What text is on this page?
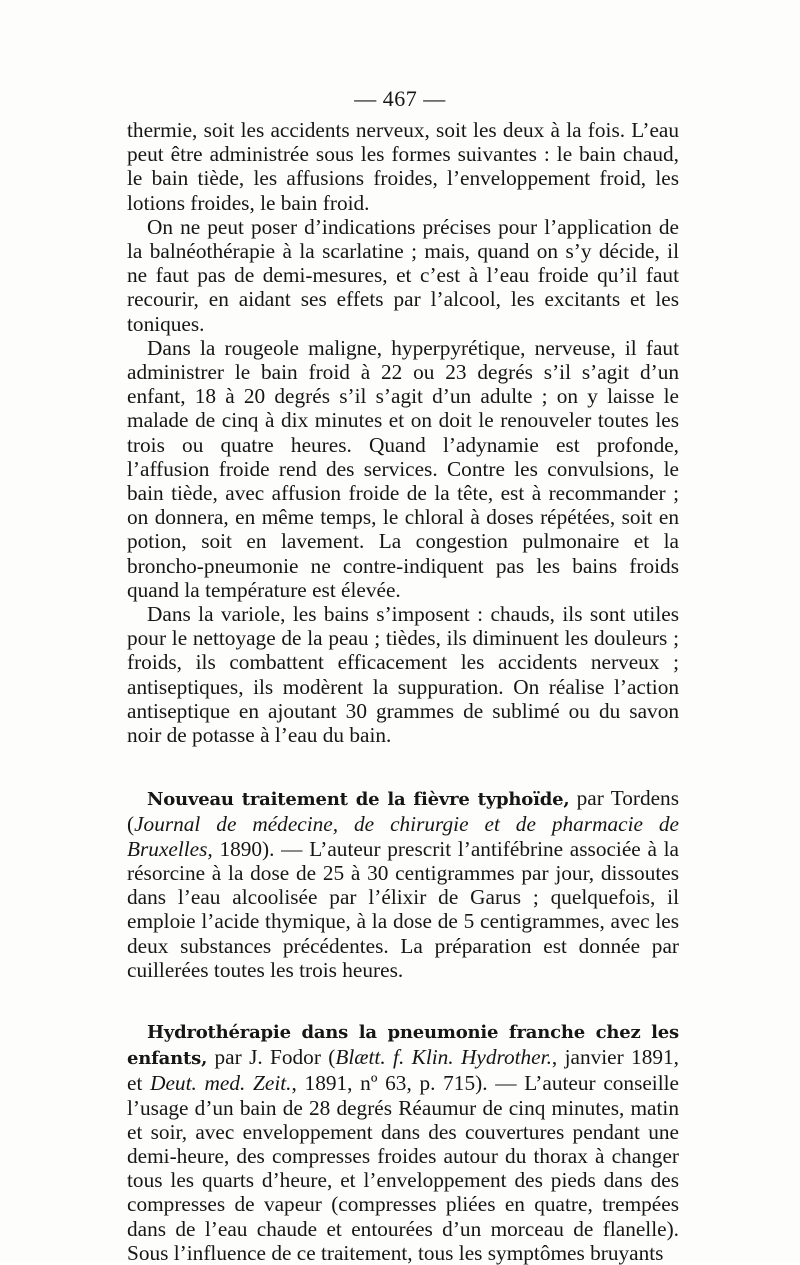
— 467 —

thermie, soit les accidents nerveux, soit les deux à la fois. L’eau peut être administrée sous les formes suivantes : le bain chaud, le bain tiède, les affusions froides, l’enveloppement froid, les lotions froides, le bain froid.

On ne peut poser d’indications précises pour l’application de la balnéothérapie à la scarlatine ; mais, quand on s’y décide, il ne faut pas de demi-mesures, et c’est à l’eau froide qu’il faut recourir, en aidant ses effets par l’alcool, les excitants et les toniques.

Dans la rougeole maligne, hyperpyrétique, nerveuse, il faut administrer le bain froid à 22 ou 23 degrés s’il s’agit d’un enfant, 18 à 20 degrés s’il s’agit d’un adulte ; on y laisse le malade de cinq à dix minutes et on doit le renouveler toutes les trois ou quatre heures. Quand l’adynamie est profonde, l’affusion froide rend des services. Contre les convulsions, le bain tiède, avec affusion froide de la tête, est à recommander ; on donnera, en même temps, le chloral à doses répétées, soit en potion, soit en lavement. La congestion pulmonaire et la broncho-pneumonie ne contre-indiquent pas les bains froids quand la température est élevée.

Dans la variole, les bains s’imposent : chauds, ils sont utiles pour le nettoyage de la peau ; tièdes, ils diminuent les douleurs ; froids, ils combattent efficacement les accidents nerveux ; antiseptiques, ils modèrent la suppuration. On réalise l’action antiseptique en ajoutant 30 grammes de sublimé ou du savon noir de potasse à l’eau du bain.

Nouveau traitement de la fièvre typhoïde, par Tordens (Journal de médecine, de chirurgie et de pharmacie de Bruxelles, 1890). — L’auteur prescrit l’antifébrine associée à la résorcine à la dose de 25 à 30 centigrammes par jour, dissoutes dans l’eau alcoolisée par l’élixir de Garus ; quelquefois, il emploie l’acide thymique, à la dose de 5 centigrammes, avec les deux substances précédentes. La préparation est donnée par cuillerées toutes les trois heures.

Hydrothérapie dans la pneumonie franche chez les enfants, par J. Fodor (Blætt. f. Klin. Hydrother., janvier 1891, et Deut. med. Zeit., 1891, nº 63, p. 715). — L’auteur conseille l’usage d’un bain de 28 degrés Réaumur de cinq minutes, matin et soir, avec enveloppement dans des couvertures pendant une demi-heure, des compresses froides autour du thorax à changer tous les quarts d’heure, et l’enveloppement des pieds dans des compresses de vapeur (compresses pliées en quatre, trempées dans de l’eau chaude et entourées d’un morceau de flanelle). Sous l’influence de ce traitement, tous les symptômes bruyants
